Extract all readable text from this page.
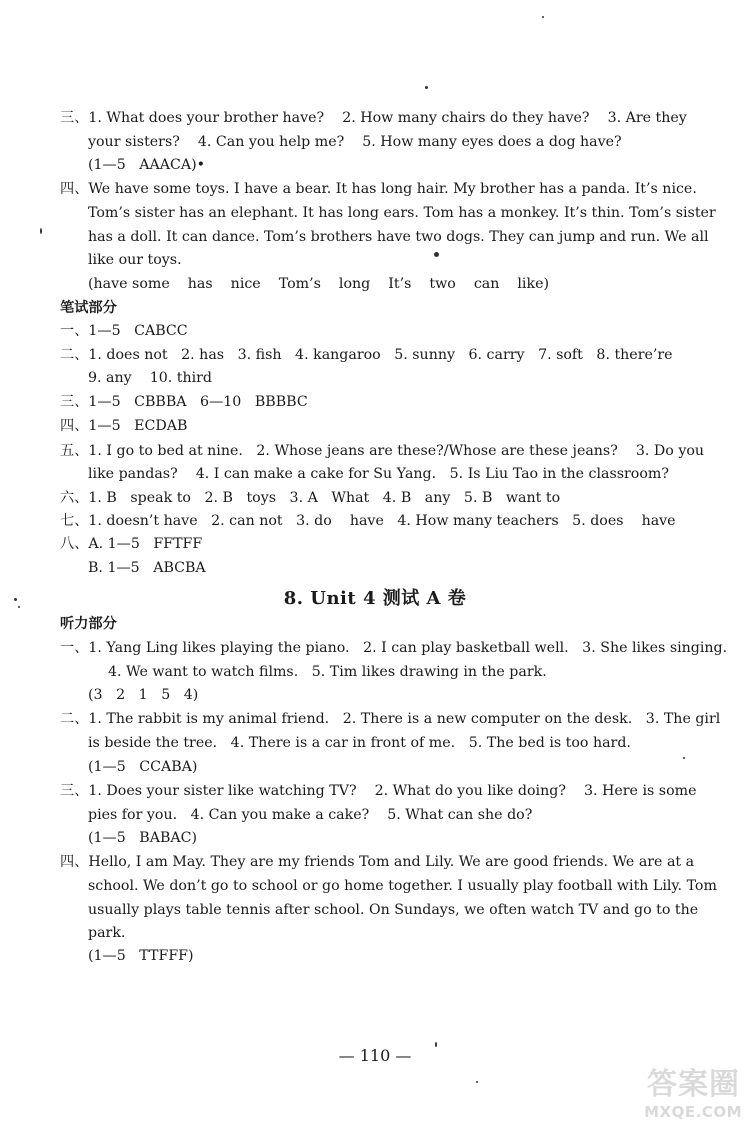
三、1. What does your brother have?    2. How many chairs do they have?    3. Are they
your sisters?    4. Can you help me?    5. How many eyes does a dog have?
(1—5   AAACA)•
四、We have some toys. I have a bear. It has long hair. My brother has a panda. It’s nice.
Tom’s sister has an elephant. It has long ears. Tom has a monkey. It’s thin. Tom’s sister
has a doll. It can dance. Tom’s brothers have two dogs. They can jump and run. We all
like our toys.
(have some    has    nice    Tom’s    long    It’s    two    can    like)
笔试部分
一、1—5   CABCC
二、1. does not   2. has   3. fish   4. kangaroo   5. sunny   6. carry   7. soft   8. there’re
9. any    10. third
三、1—5   CBBBA   6—10   BBBBC
四、1—5   ECDAB
五、1. I go to bed at nine.   2. Whose jeans are these?/Whose are these jeans?    3. Do you
like pandas?    4. I can make a cake for Su Yang.   5. Is Liu Tao in the classroom?
六、1. B   speak to   2. B   toys   3. A   What   4. B   any   5. B   want to
七、1. doesn’t have   2. can not   3. do    have   4. How many teachers   5. does    have
八、A. 1—5   FFTFF
B. 1—5   ABCBA
8. Unit 4 测试 A 卷
听力部分
一、1. Yang Ling likes playing the piano.   2. I can play basketball well.   3. She likes singing.
4. We want to watch films.   5. Tim likes drawing in the park.
(3   2   1   5   4)
二、1. The rabbit is my animal friend.   2. There is a new computer on the desk.   3. The girl
is beside the tree.   4. There is a car in front of me.   5. The bed is too hard.
(1—5   CCABA)
三、1. Does your sister like watching TV?    2. What do you like doing?    3. Here is some
pies for you.   4. Can you make a cake?    5. What can she do?
(1—5   BABAC)
四、Hello, I am May. They are my friends Tom and Lily. We are good friends. We are at a
school. We don’t go to school or go home together. I usually play football with Lily. Tom
usually plays table tennis after school. On Sundays, we often watch TV and go to the
park.
(1—5   TTFFF)
— 110 —
答案圈
MXQE.COM
